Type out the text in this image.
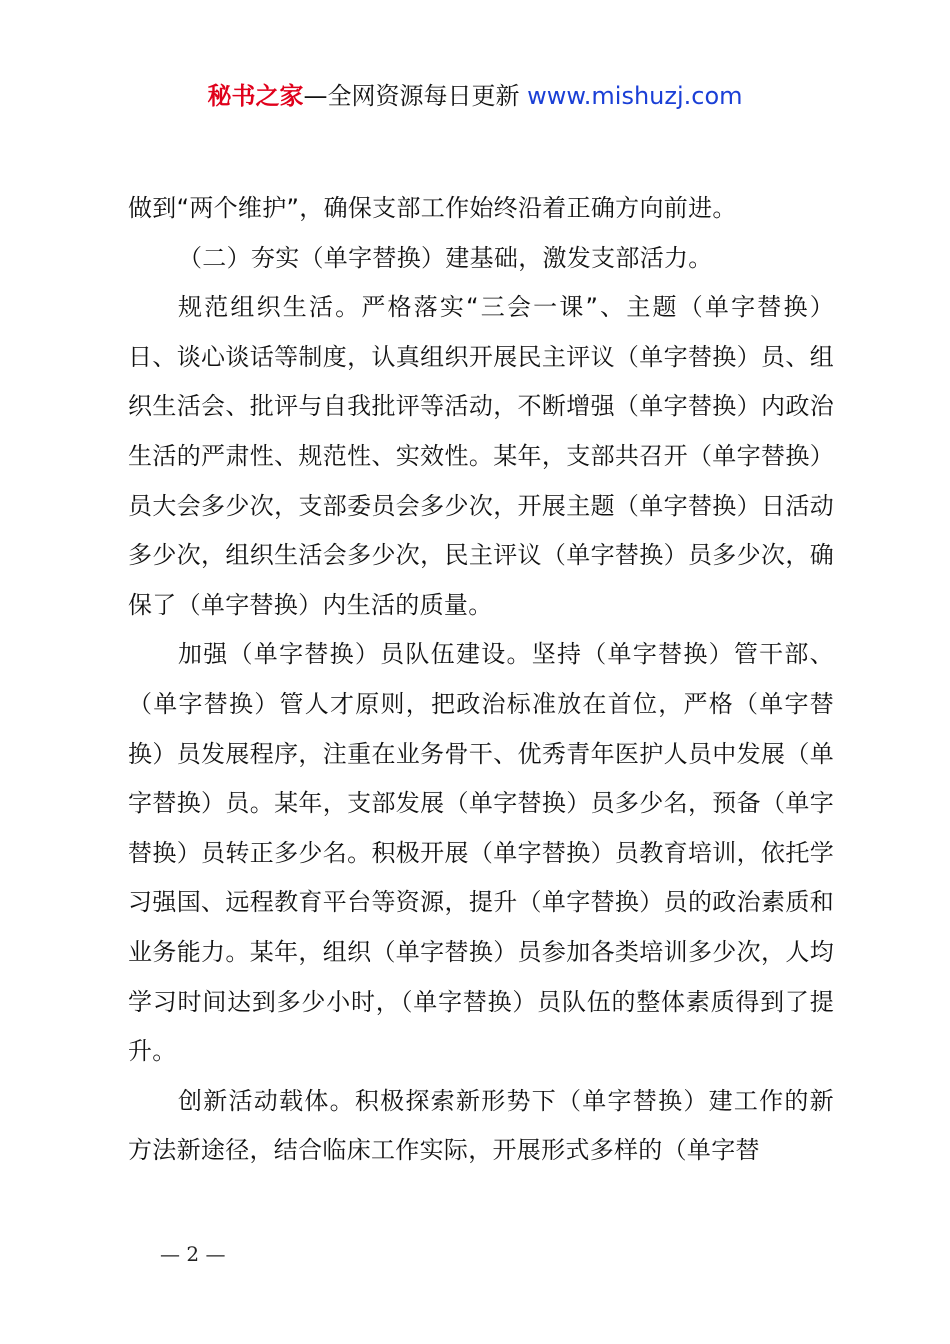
秘书之家—全网资源每日更新 www.mishuzj.com

做到“两个维护”，确保支部工作始终沿着正确方向前进。

（二）夯实（单字替换）建基础，激发支部活力。

规范组织生活。严格落实“三会一课”、主题（单字替换）日、谈心谈话等制度，认真组织开展民主评议（单字替换）员、组织生活会、批评与自我批评等活动，不断增强（单字替换）内政治生活的严肃性、规范性、实效性。某年，支部共召开（单字替换）员大会多少次，支部委员会多少次，开展主题（单字替换）日活动多少次，组织生活会多少次，民主评议（单字替换）员多少次，确保了（单字替换）内生活的质量。

加强（单字替换）员队伍建设。坚持（单字替换）管干部、（单字替换）管人才原则，把政治标准放在首位，严格（单字替换）员发展程序，注重在业务骨干、优秀青年医护人员中发展（单字替换）员。某年，支部发展（单字替换）员多少名，预备（单字替换）员转正多少名。积极开展（单字替换）员教育培训，依托学习强国、远程教育平台等资源，提升（单字替换）员的政治素质和业务能力。某年，组织（单字替换）员参加各类培训多少次，人均学习时间达到多少小时，（单字替换）员队伍的整体素质得到了提升。

创新活动载体。积极探索新形势下（单字替换）建工作的新方法新途径，结合临床工作实际，开展形式多样的（单字替

— 2 —
